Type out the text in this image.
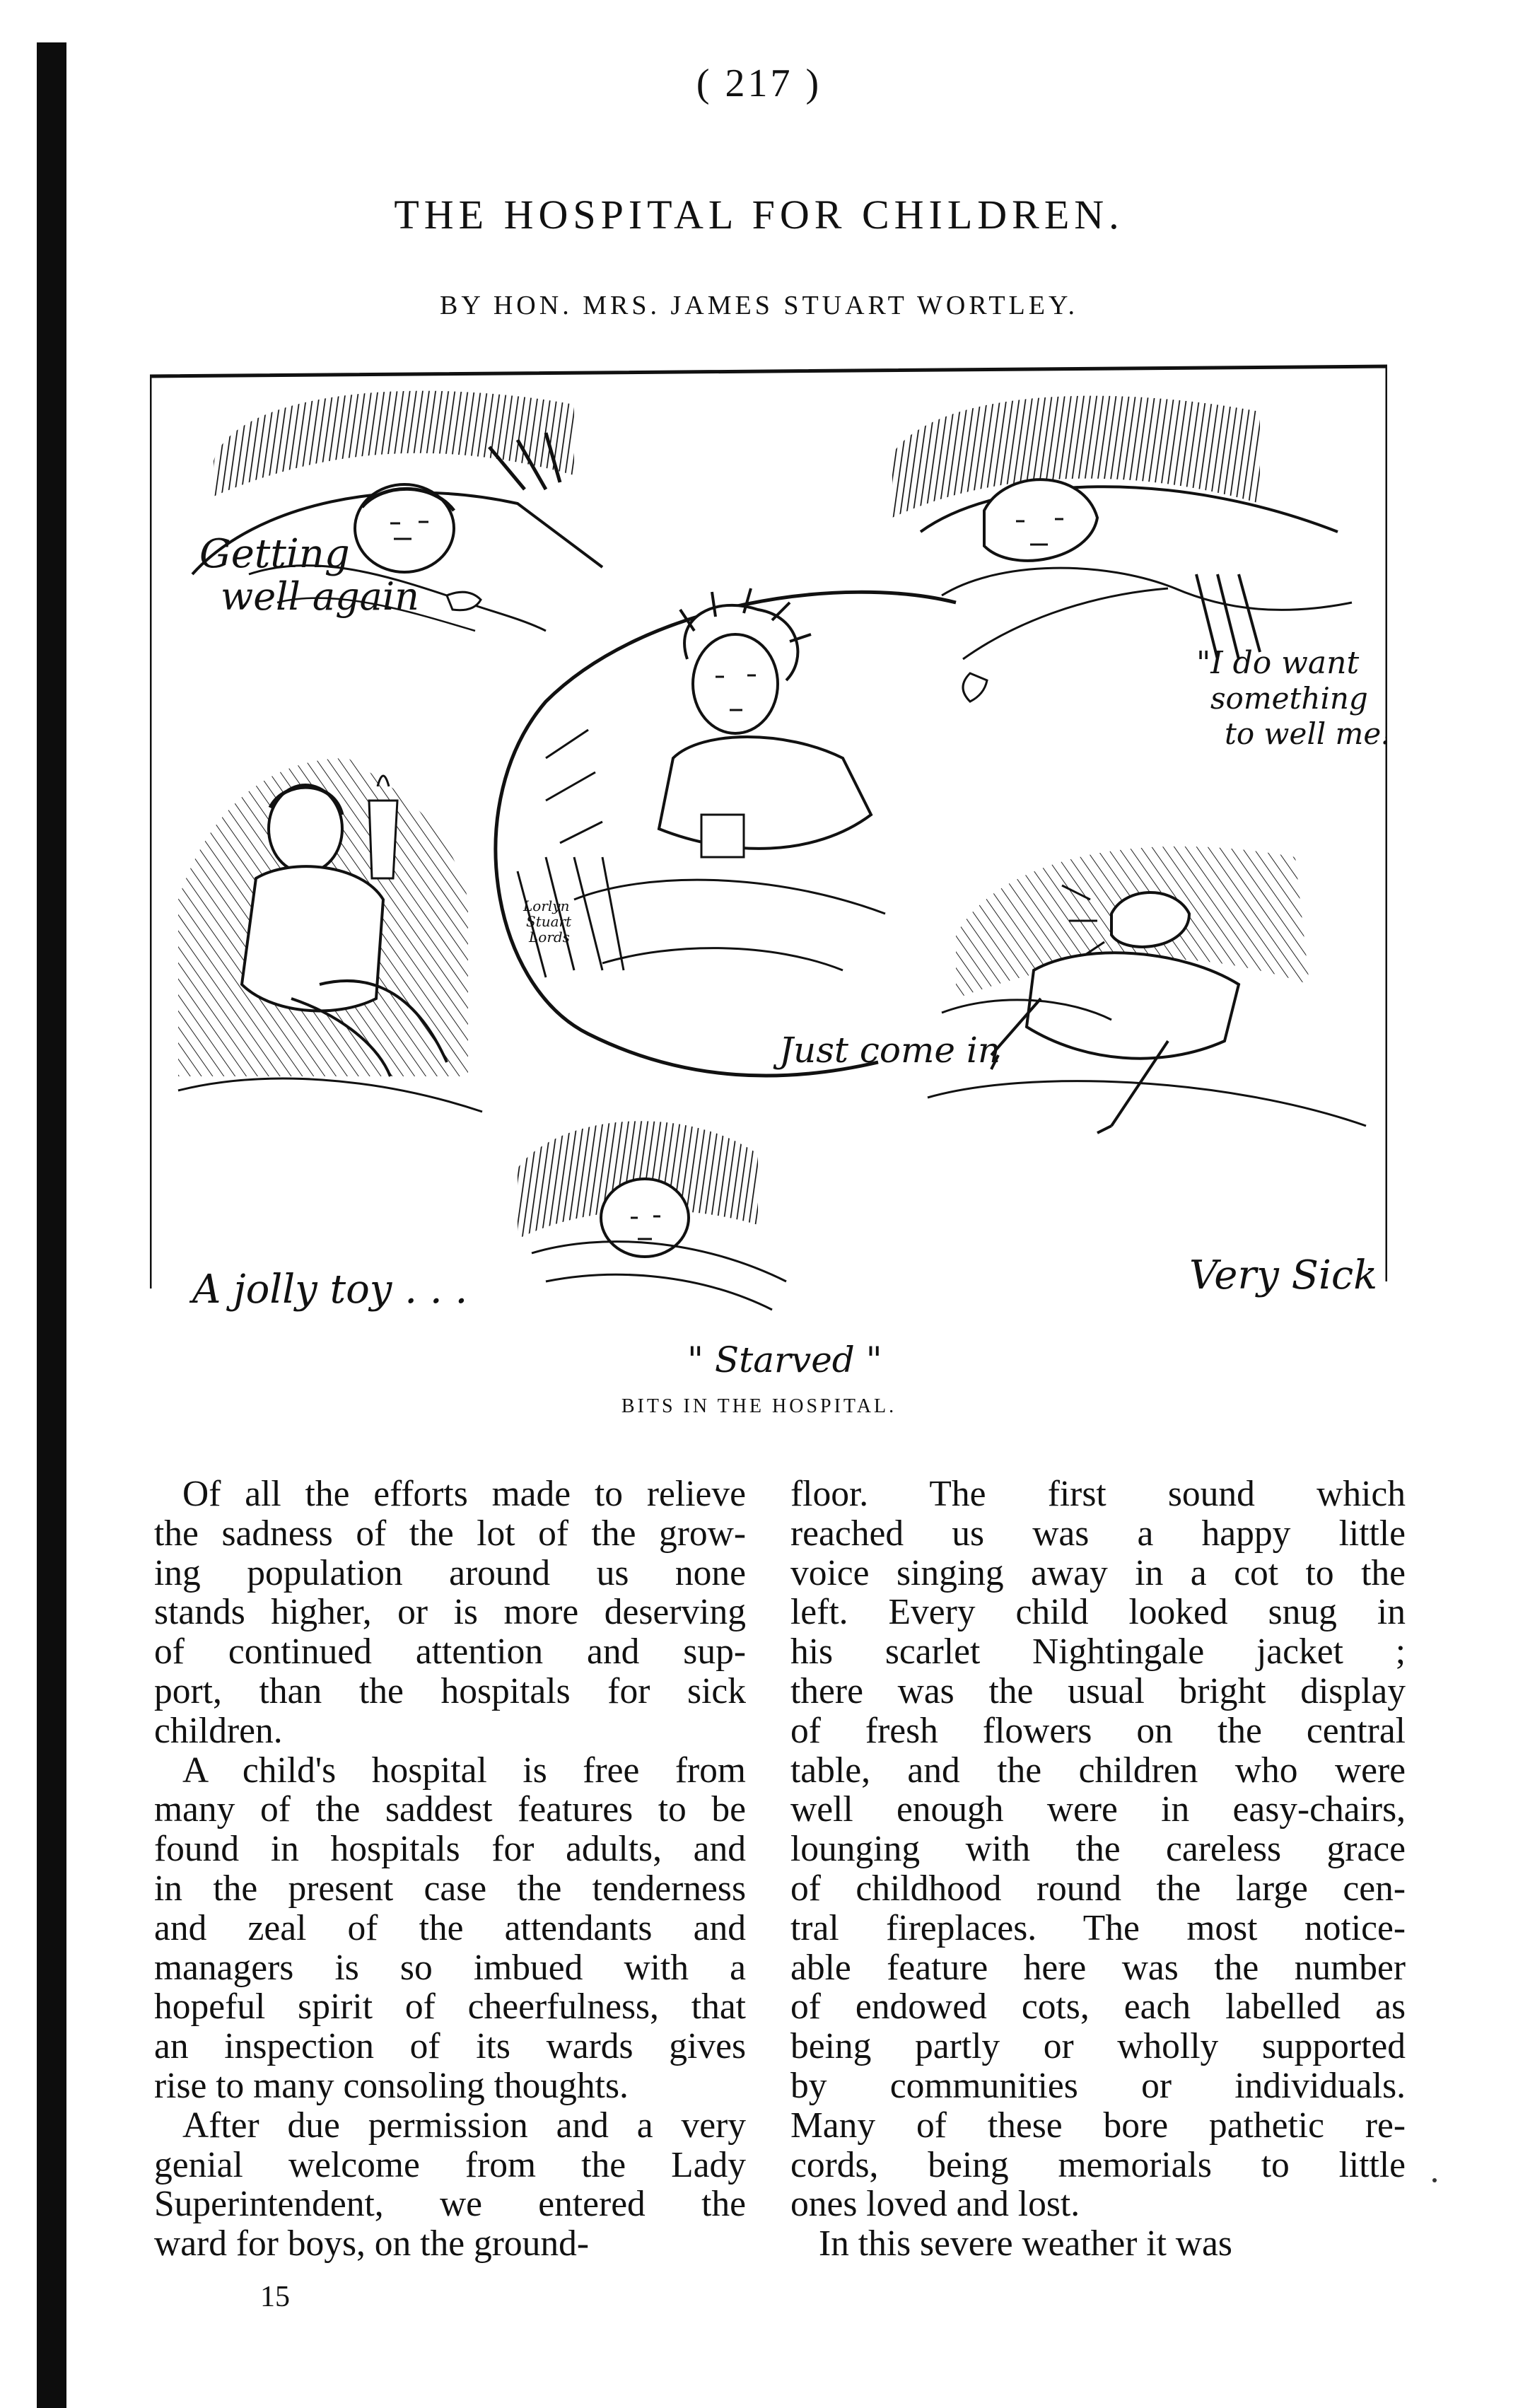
( 217 )
THE HOSPITAL FOR CHILDREN.
BY HON. MRS. JAMES STUART WORTLEY.
Getting
well again
"I do want
something
to well me!
Lorlyn
Stuart
Lords
Just come in
A jolly toy . . .
" Starved "
Very Sick
BITS IN THE HOSPITAL.
Of all the efforts made to relieve
the sadness of the lot of the grow-
ing population around us none
stands higher, or is more deserving
of continued attention and sup-
port, than the hospitals for sick
children.
A child's hospital is free from
many of the saddest features to be
found in hospitals for adults, and
in the present case the tenderness
and zeal of the attendants and
managers is so imbued with a
hopeful spirit of cheerfulness, that
an inspection of its wards gives
rise to many consoling thoughts.
After due permission and a very
genial welcome from the Lady
Superintendent, we entered the
ward for boys, on the ground-
floor. The first sound which
reached us was a happy little
voice singing away in a cot to the
left. Every child looked snug in
his scarlet Nightingale jacket ;
there was the usual bright display
of fresh flowers on the central
table, and the children who were
well enough were in easy-chairs,
lounging with the careless grace
of childhood round the large cen-
tral fireplaces. The most notice-
able feature here was the number
of endowed cots, each labelled as
being partly or wholly supported
by communities or individuals.
Many of these bore pathetic re-
cords, being memorials to little
ones loved and lost.
In this severe weather it was
15
